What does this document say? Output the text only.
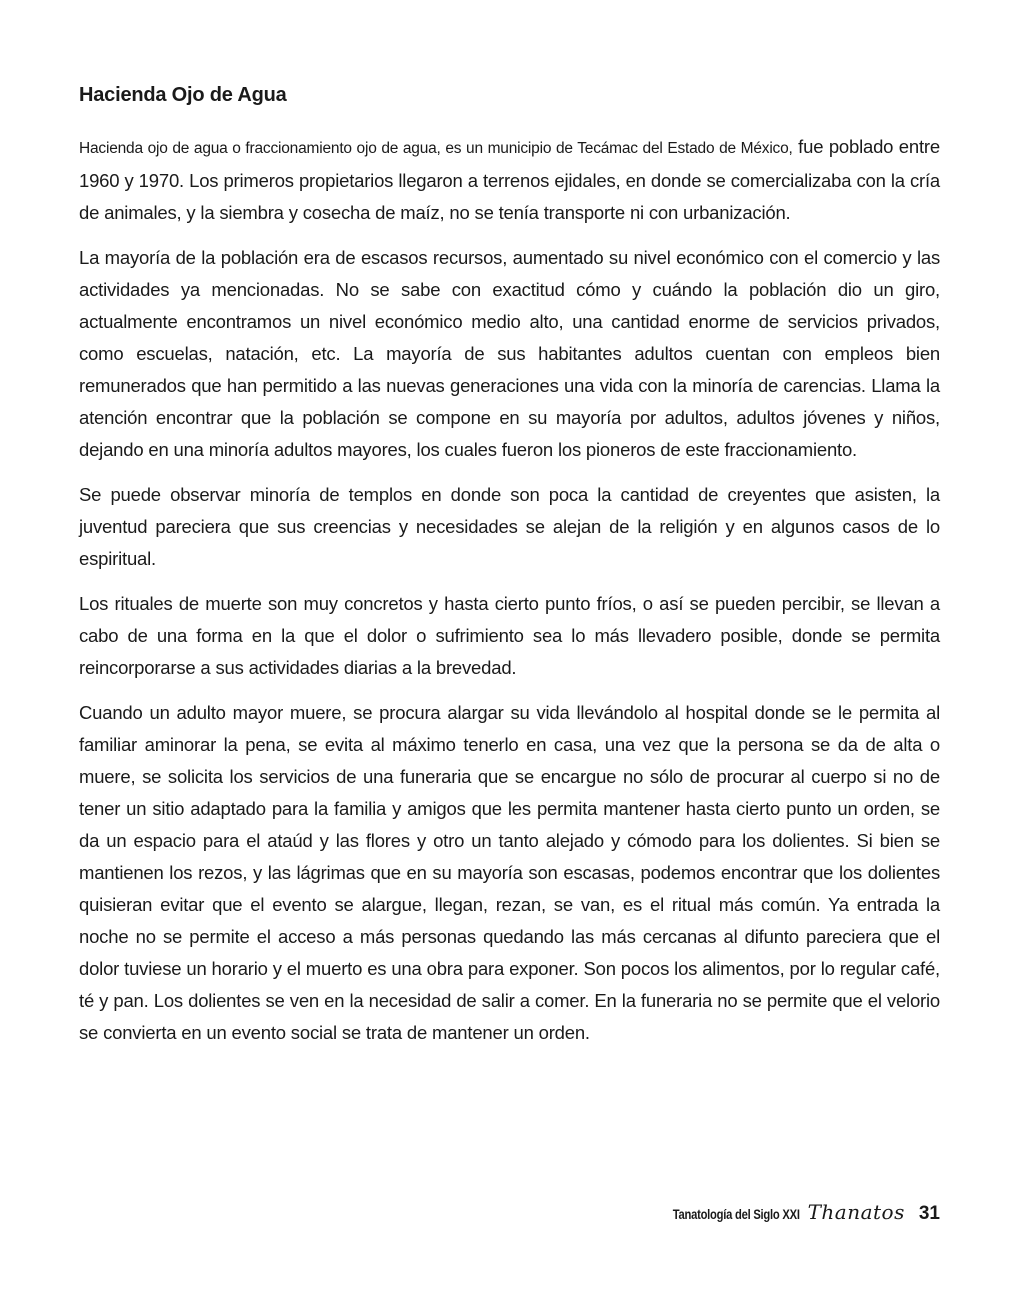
Hacienda Ojo de Agua

Hacienda ojo de agua o fraccionamiento ojo de agua, es un municipio de Tecámac del Estado de México, fue poblado entre 1960 y 1970. Los primeros propietarios llegaron a terrenos ejidales, en donde se comercializaba con la cría de animales, y la siembra y cosecha de maíz, no se tenía transporte ni con urbanización.

La mayoría de la población era de escasos recursos, aumentado su nivel económico con el comercio y las actividades ya mencionadas. No se sabe con exactitud cómo y cuándo la población dio un giro, actualmente encontramos un nivel económico medio alto, una cantidad enorme de servicios privados, como escuelas, natación, etc. La mayoría de sus habitantes adultos cuentan con empleos bien remunerados que han permitido a las nuevas generaciones una vida con la minoría de carencias. Llama la atención encontrar que la población se compone en su mayoría por adultos, adultos jóvenes y niños, dejando en una minoría adultos mayores, los cuales fueron los pioneros de este fraccionamiento.

Se puede observar minoría de templos en donde son poca la cantidad de creyentes que asisten, la juventud pareciera que sus creencias y necesidades se alejan de la religión y en algunos casos de lo espiritual.

Los rituales de muerte son muy concretos y hasta cierto punto fríos, o así se pueden percibir, se llevan a cabo de una forma en la que el dolor o sufrimiento sea lo más llevadero posible, donde se permita reincorporarse a sus actividades diarias a la brevedad.

Cuando un adulto mayor muere, se procura alargar su vida llevándolo al hospital donde se le permita al familiar aminorar la pena, se evita al máximo tenerlo en casa, una vez que la persona se da de alta o muere, se solicita los servicios de una funeraria que se encargue no sólo de procurar al cuerpo si no de tener un sitio adaptado para la familia y amigos que les permita mantener hasta cierto punto un orden, se da un espacio para el ataúd y las flores y otro un tanto alejado y cómodo para los dolientes. Si bien se mantienen los rezos, y las lágrimas que en su mayoría son escasas, podemos encontrar que los dolientes quisieran evitar que el evento se alargue, llegan, rezan, se van, es el ritual más común. Ya entrada la noche no se permite el acceso a más personas quedando las más cercanas al difunto pareciera que el dolor tuviese un horario y el muerto es una obra para exponer. Son pocos los alimentos, por lo regular café, té y pan. Los dolientes se ven en la necesidad de salir a comer. En la funeraria no se permite que el velorio se convierta en un evento social se trata de mantener un orden.

Tanatología del Siglo XXI Thanatos 31
